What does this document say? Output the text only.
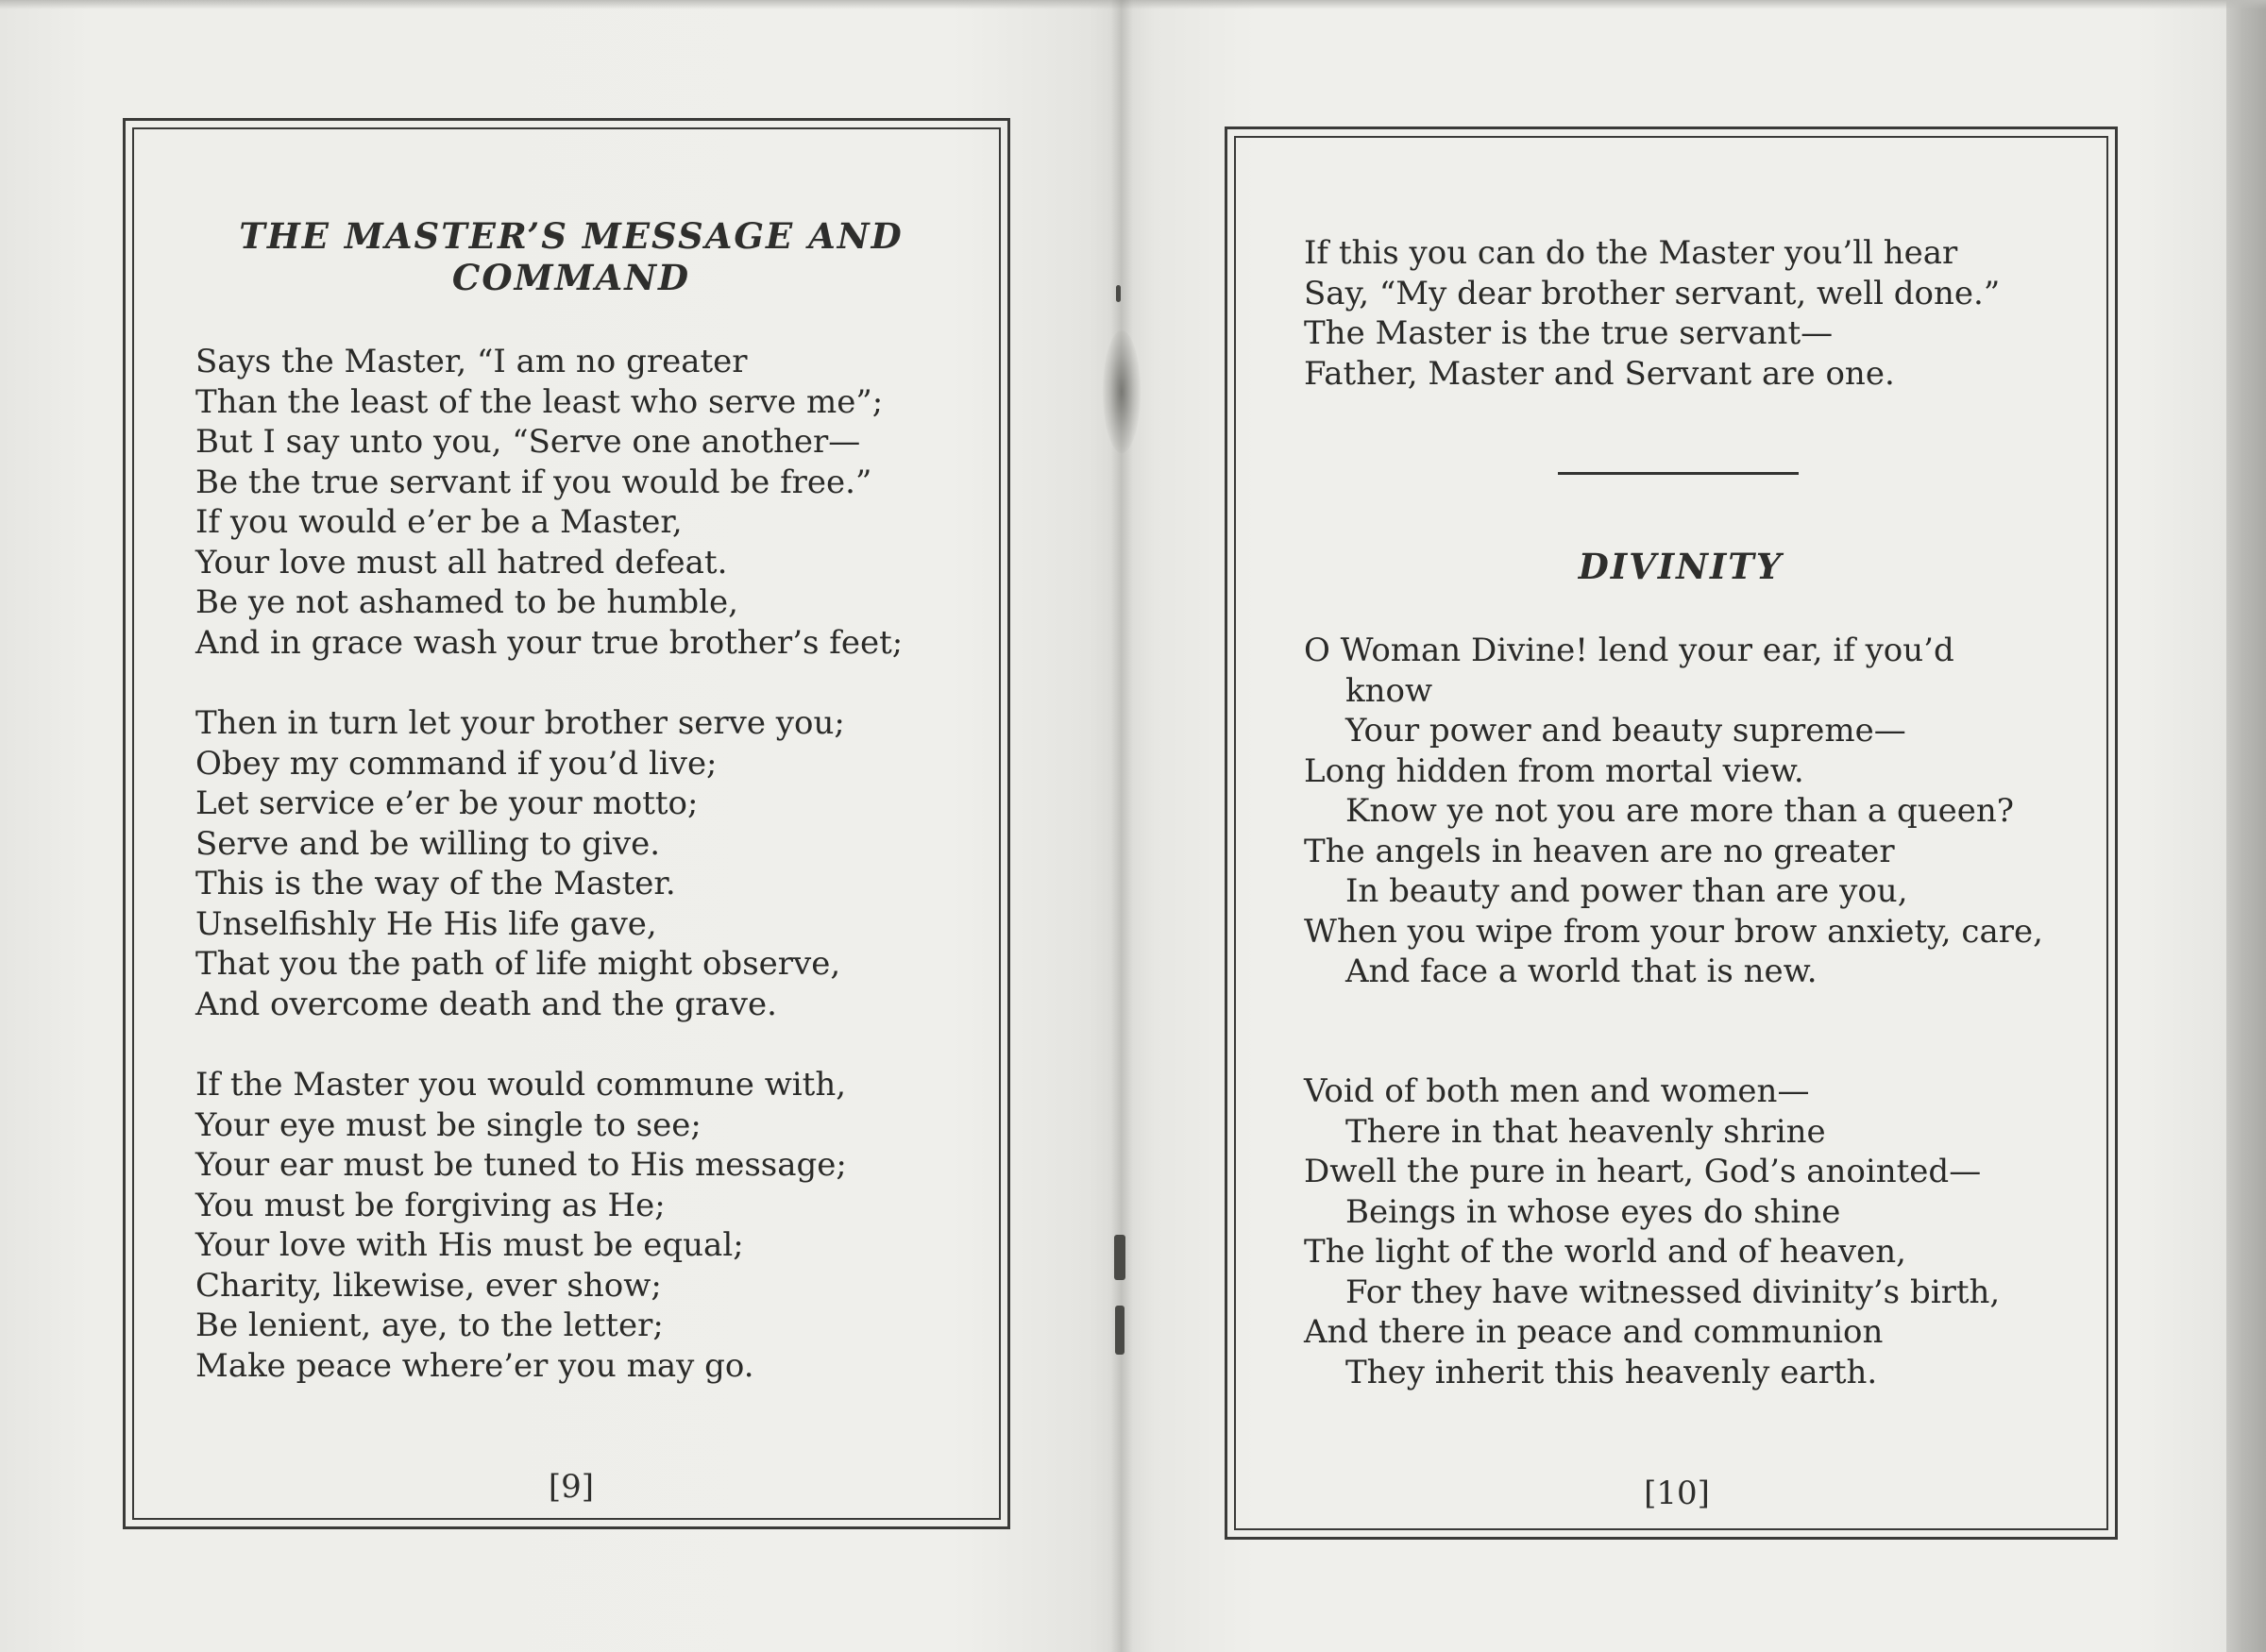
THE MASTER’S MESSAGE AND
COMMAND
Says the Master, “I am no greater
Than the least of the least who serve me”;
But I say unto you, “Serve one another—
Be the true servant if you would be free.”
If you would e’er be a Master,
Your love must all hatred defeat.
Be ye not ashamed to be humble,
And in grace wash your true brother’s feet;
Then in turn let your brother serve you;
Obey my command if you’d live;
Let service e’er be your motto;
Serve and be willing to give.
This is the way of the Master.
Unselfishly He His life gave,
That you the path of life might observe,
And overcome death and the grave.
If the Master you would commune with,
Your eye must be single to see;
Your ear must be tuned to His message;
You must be forgiving as He;
Your love with His must be equal;
Charity, likewise, ever show;
Be lenient, aye, to the letter;
Make peace where’er you may go.
[9]
If this you can do the Master you’ll hear
Say, “My dear brother servant, well done.”
The Master is the true servant—
Father, Master and Servant are one.
DIVINITY
O Woman Divine! lend your ear, if you’d
know
Your power and beauty supreme—
Long hidden from mortal view.
Know ye not you are more than a queen?
The angels in heaven are no greater
In beauty and power than are you,
When you wipe from your brow anxiety, care,
And face a world that is new.
Void of both men and women—
There in that heavenly shrine
Dwell the pure in heart, God’s anointed—
Beings in whose eyes do shine
The light of the world and of heaven,
For they have witnessed divinity’s birth,
And there in peace and communion
They inherit this heavenly earth.
[10]
